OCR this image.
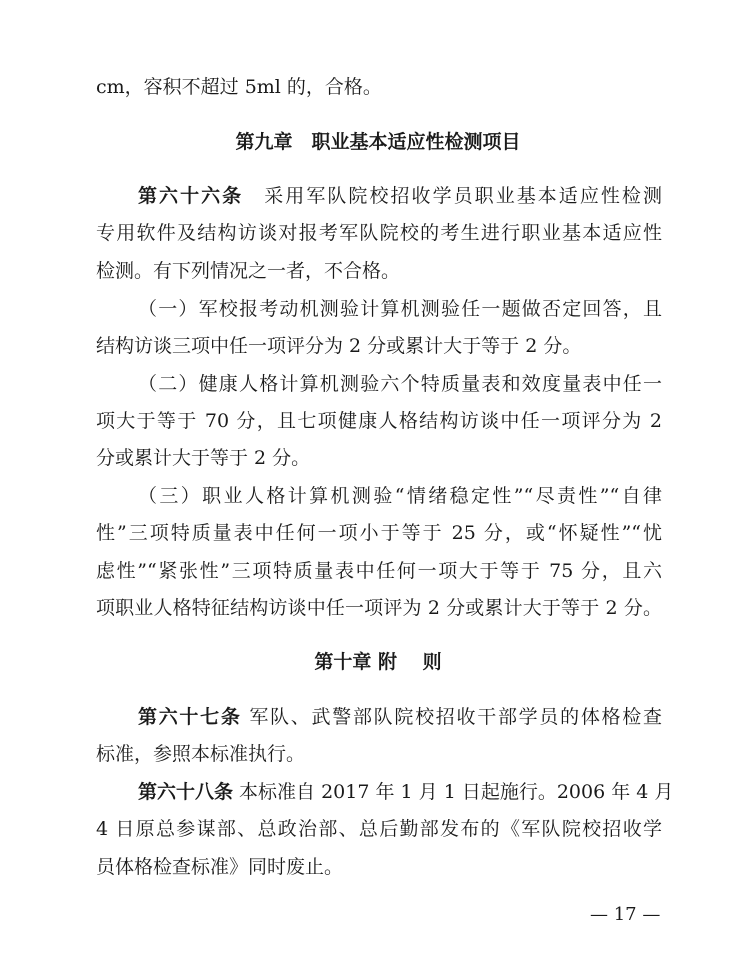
cm，容积不超过 5ml 的，合格。
第九章　职业基本适应性检测项目
第六十六条　采用军队院校招收学员职业基本适应性检测
专用软件及结构访谈对报考军队院校的考生进行职业基本适应性
检测。有下列情况之一者，不合格。
（一）军校报考动机测验计算机测验任一题做否定回答，且
结构访谈三项中任一项评分为 2 分或累计大于等于 2 分。
（二）健康人格计算机测验六个特质量表和效度量表中任一
项大于等于 70 分，且七项健康人格结构访谈中任一项评分为 2
分或累计大于等于 2 分。
（三）职业人格计算机测验“情绪稳定性”“尽责性”“自律
性”三项特质量表中任何一项小于等于 25 分，或“怀疑性”“忧
虑性”“紧张性”三项特质量表中任何一项大于等于 75 分，且六
项职业人格特征结构访谈中任一项评为 2 分或累计大于等于 2 分。
第十章 附　 则
第六十七条 军队、武警部队院校招收干部学员的体格检查
标准，参照本标准执行。
第六十八条 本标准自 2017 年 1 月 1 日起施行。2006 年 4 月
4 日原总参谋部、总政治部、总后勤部发布的《军队院校招收学
员体格检查标准》同时废止。
— 17 —
